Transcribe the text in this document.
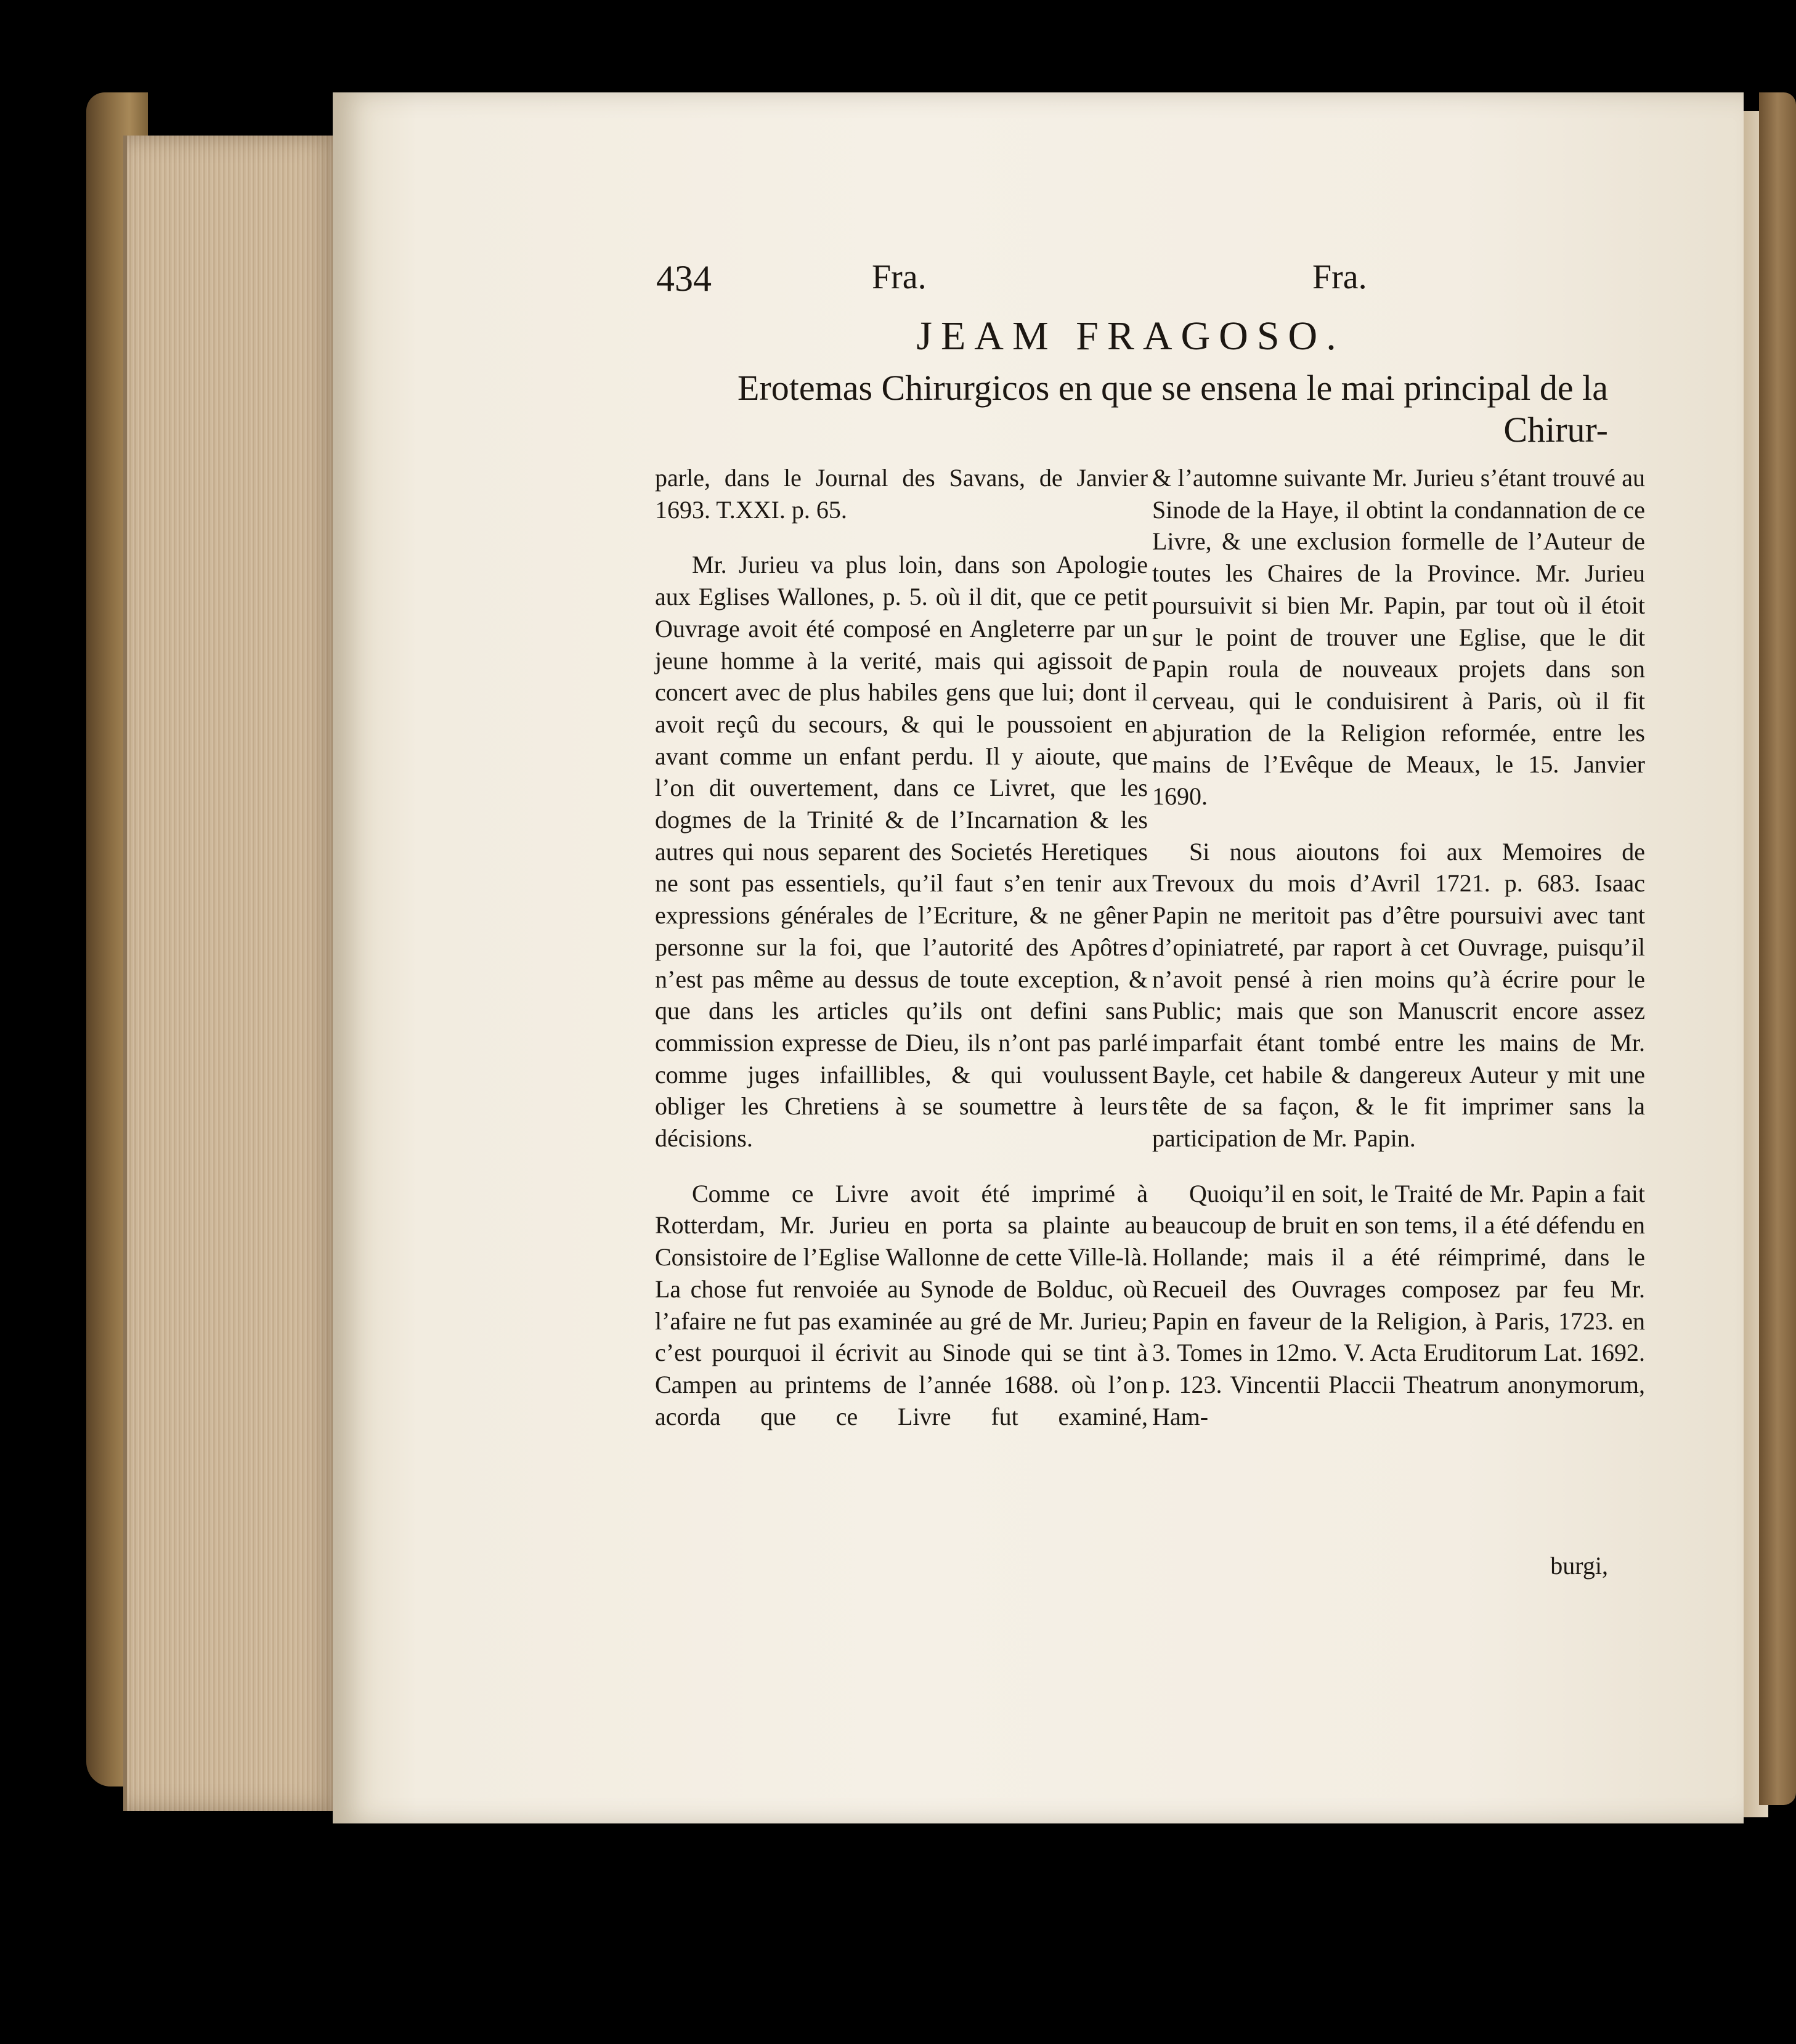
434	Fra.	Fra.
JEAM FRAGOSO.
Erotemas Chirurgicos en que se ensena le mai principal de la
Chirur-

parle, dans le Journal des Savans, de Janvier 1693. T.XXI. p. 65.

Mr. Jurieu va plus loin, dans son Apologie aux Eglises Wallones, p. 5. où il dit, que ce petit Ouvrage avoit été composé en Angleterre par un jeune homme à la verité, mais qui agissoit de concert avec de plus habiles gens que lui; dont il avoit reçû du secours, & qui le poussoient en avant comme un enfant perdu. Il y aioute, que l’on dit ouvertement, dans ce Livret, que les dogmes de la Trinité & de l’Incarnation & les autres qui nous separent des Societés Heretiques ne sont pas essentiels, qu’il faut s’en tenir aux expressions générales de l’Ecriture, & ne gêner personne sur la foi, que l’autorité des Apôtres n’est pas même au dessus de toute exception, & que dans les articles qu’ils ont defini sans commission expresse de Dieu, ils n’ont pas parlé comme juges infaillibles, & qui voulussent obliger les Chretiens à se soumettre à leurs décisions.

Comme ce Livre avoit été imprimé à Rotterdam, Mr. Jurieu en porta sa plainte au Consistoire de l’Eglise Wallonne de cette Ville-là. La chose fut renvoiée au Synode de Bolduc, où l’afaire ne fut pas examinée au gré de Mr. Jurieu; c’est pourquoi il écrivit au Sinode qui se tint à Campen au printems de l’année 1688. où l’on acorda que ce Livre fut examiné,

& l’automne suivante Mr. Jurieu s’étant trouvé au Sinode de la Haye, il obtint la condannation de ce Livre, & une exclusion formelle de l’Auteur de toutes les Chaires de la Province. Mr. Jurieu poursuivit si bien Mr. Papin, par tout où il étoit sur le point de trouver une Eglise, que le dit Papin roula de nouveaux projets dans son cerveau, qui le conduisirent à Paris, où il fit abjuration de la Religion reformée, entre les mains de l’Evêque de Meaux, le 15. Janvier 1690.

Si nous aioutons foi aux Memoires de Trevoux du mois d’Avril 1721. p. 683. Isaac Papin ne meritoit pas d’être poursuivi avec tant d’opiniatreté, par raport à cet Ouvrage, puisqu’il n’avoit pensé à rien moins qu’à écrire pour le Public; mais que son Manuscrit encore assez imparfait étant tombé entre les mains de Mr. Bayle, cet habile & dangereux Auteur y mit une tête de sa façon, & le fit imprimer sans la participation de Mr. Papin.

Quoiqu’il en soit, le Traité de Mr. Papin a fait beaucoup de bruit en son tems, il a été défendu en Hollande; mais il a été réimprimé, dans le Recueil des Ouvrages composez par feu Mr. Papin en faveur de la Religion, à Paris, 1723. en 3. Tomes in 12mo. V. Acta Eruditorum Lat. 1692. p. 123. Vincentii Placcii Theatrum anonymorum, Ham-

burgi,
